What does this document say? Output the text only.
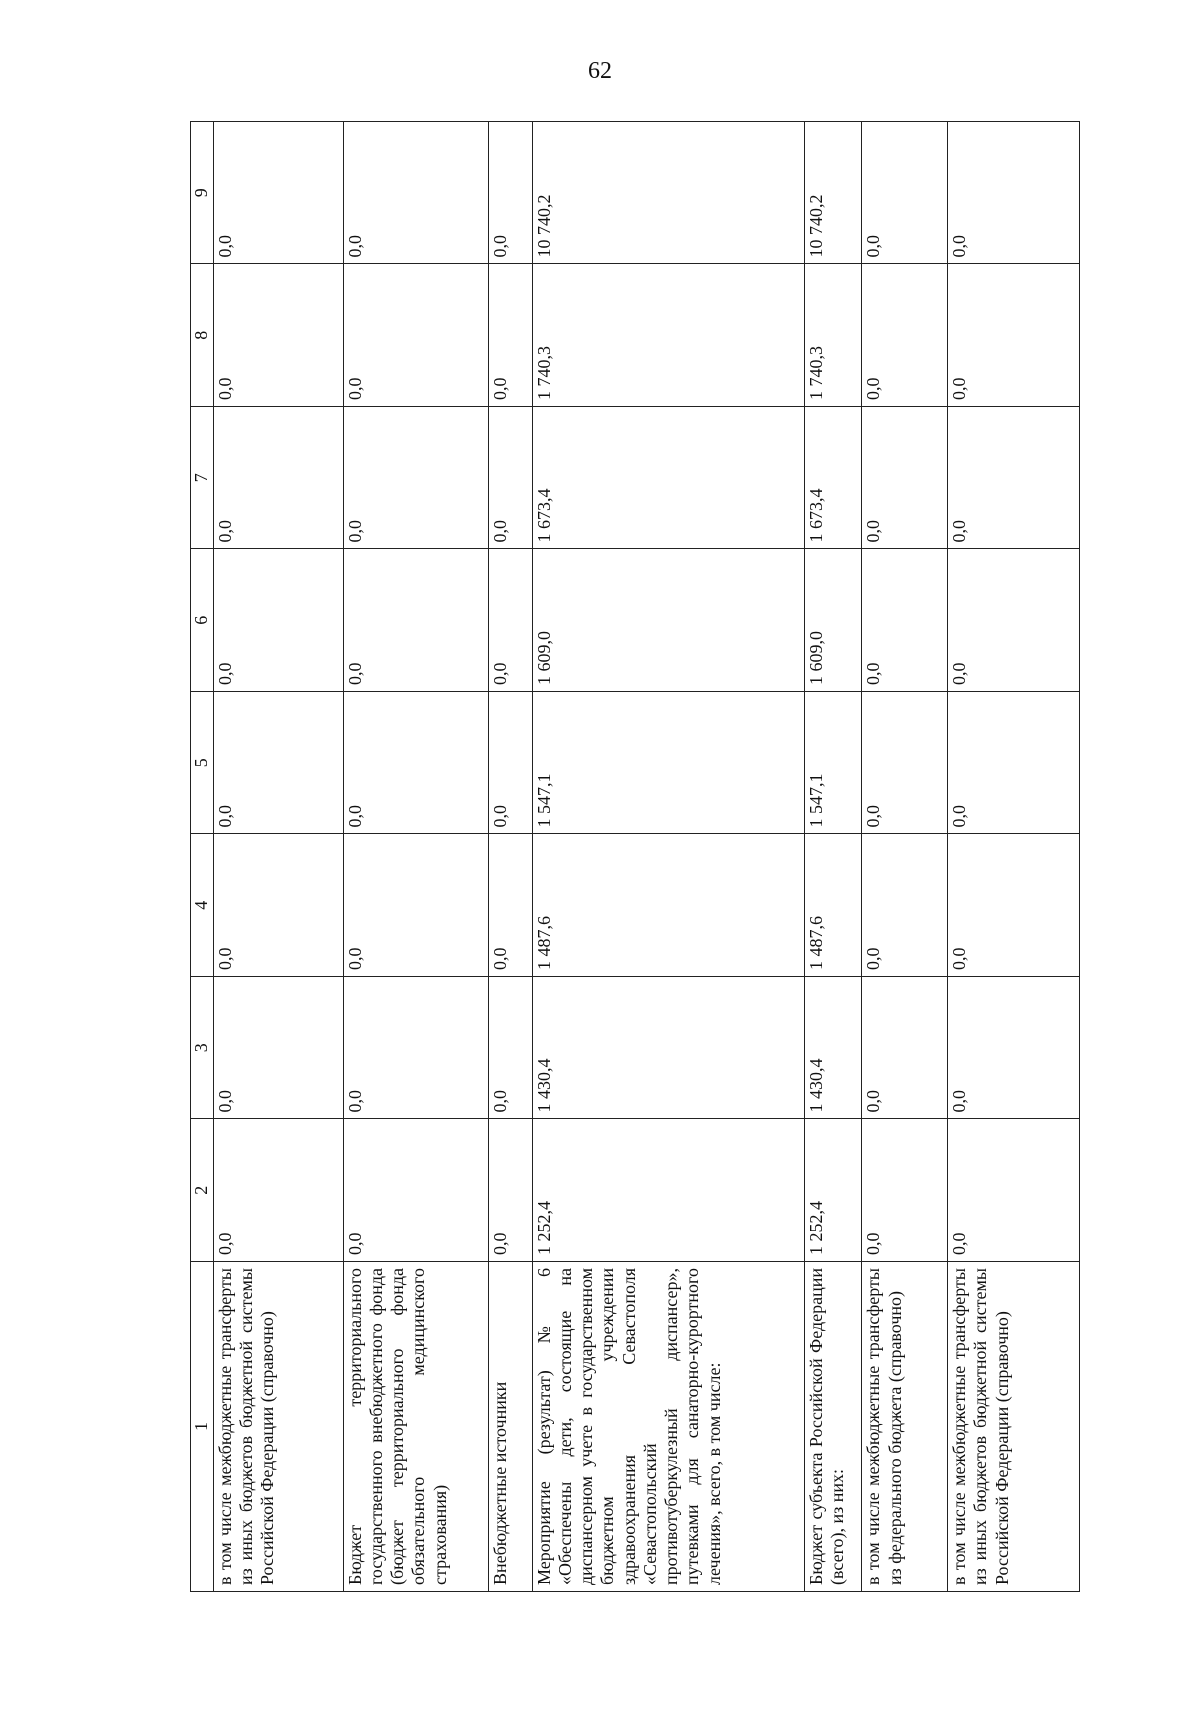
62
1	2	3	4	5	6	7	8	9
в том числе межбюджетные трансферты из иных бюджетов бюджетной системы Российской Федерации (справочно)	0,0	0,0	0,0	0,0	0,0	0,0	0,0	0,0
Бюджет территориального государственного внебюджетного фонда (бюджет территориального фонда обязательного медицинского страхования)	0,0	0,0	0,0	0,0	0,0	0,0	0,0	0,0
Внебюджетные источники	0,0	0,0	0,0	0,0	0,0	0,0	0,0	0,0
Мероприятие (результат) № 6 «Обеспечены дети, состоящие на диспансерном учете в государственном бюджетном учреждении здравоохранения Севастополя «Севастопольский противотуберкулезный диспансер», путевками для санаторно-курортного лечения», всего, в том числе:	1 252,4	1 430,4	1 487,6	1 547,1	1 609,0	1 673,4	1 740,3	10 740,2
Бюджет субъекта Российской Федерации (всего), из них:	1 252,4	1 430,4	1 487,6	1 547,1	1 609,0	1 673,4	1 740,3	10 740,2
в том числе межбюджетные трансферты из федерального бюджета (справочно)	0,0	0,0	0,0	0,0	0,0	0,0	0,0	0,0
в том числе межбюджетные трансферты из иных бюджетов бюджетной системы Российской Федерации (справочно)	0,0	0,0	0,0	0,0	0,0	0,0	0,0	0,0
